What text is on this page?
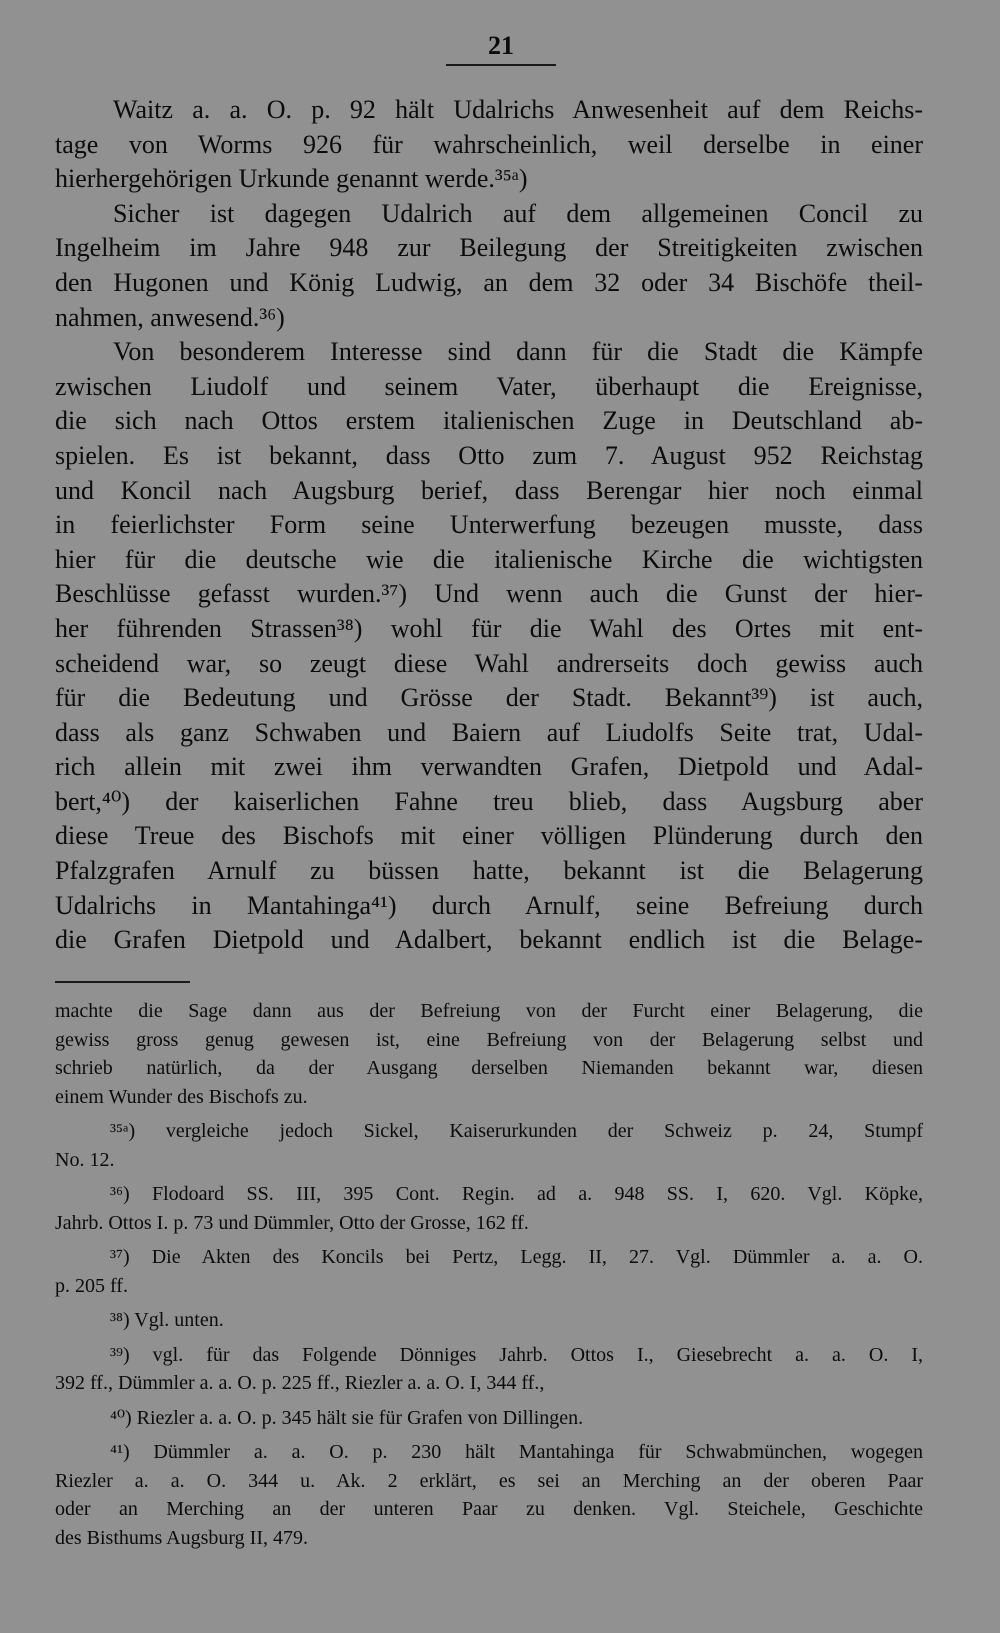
21
Waitz a. a. O. p. 92 hält Udalrichs Anwesenheit auf dem Reichs-
tage von Worms 926 für wahrscheinlich, weil derselbe in einer
hierhergehörigen Urkunde genannt werde.³⁵ᵃ)
Sicher ist dagegen Udalrich auf dem allgemeinen Concil zu
Ingelheim im Jahre 948 zur Beilegung der Streitigkeiten zwischen
den Hugonen und König Ludwig, an dem 32 oder 34 Bischöfe theil-
nahmen, anwesend.³⁶)
Von besonderem Interesse sind dann für die Stadt die Kämpfe
zwischen Liudolf und seinem Vater, überhaupt die Ereignisse,
die sich nach Ottos erstem italienischen Zuge in Deutschland ab-
spielen. Es ist bekannt, dass Otto zum 7. August 952 Reichstag
und Koncil nach Augsburg berief, dass Berengar hier noch einmal
in feierlichster Form seine Unterwerfung bezeugen musste, dass
hier für die deutsche wie die italienische Kirche die wichtigsten
Beschlüsse gefasst wurden.³⁷) Und wenn auch die Gunst der hier-
her führenden Strassen³⁸) wohl für die Wahl des Ortes mit ent-
scheidend war, so zeugt diese Wahl andrerseits doch gewiss auch
für die Bedeutung und Grösse der Stadt. Bekannt³⁹) ist auch,
dass als ganz Schwaben und Baiern auf Liudolfs Seite trat, Udal-
rich allein mit zwei ihm verwandten Grafen, Dietpold und Adal-
bert,⁴⁰) der kaiserlichen Fahne treu blieb, dass Augsburg aber
diese Treue des Bischofs mit einer völligen Plünderung durch den
Pfalzgrafen Arnulf zu büssen hatte, bekannt ist die Belagerung
Udalrichs in Mantahinga⁴¹) durch Arnulf, seine Befreiung durch
die Grafen Dietpold und Adalbert, bekannt endlich ist die Belage-
machte die Sage dann aus der Befreiung von der Furcht einer Belagerung, die
gewiss gross genug gewesen ist, eine Befreiung von der Belagerung selbst und
schrieb natürlich, da der Ausgang derselben Niemanden bekannt war, diesen
einem Wunder des Bischofs zu.
³⁵ᵃ) vergleiche jedoch Sickel, Kaiserurkunden der Schweiz p. 24, Stumpf
No. 12.
³⁶) Flodoard SS. III, 395 Cont. Regin. ad a. 948 SS. I, 620. Vgl. Köpke,
Jahrb. Ottos I. p. 73 und Dümmler, Otto der Grosse, 162 ff.
³⁷) Die Akten des Koncils bei Pertz, Legg. II, 27. Vgl. Dümmler a. a. O.
p. 205 ff.
³⁸) Vgl. unten.
³⁹) vgl. für das Folgende Dönniges Jahrb. Ottos I., Giesebrecht a. a. O. I,
392 ff., Dümmler a. a. O. p. 225 ff., Riezler a. a. O. I, 344 ff.,
⁴⁰) Riezler a. a. O. p. 345 hält sie für Grafen von Dillingen.
⁴¹) Dümmler a. a. O. p. 230 hält Mantahinga für Schwabmünchen, wogegen
Riezler a. a. O. 344 u. Ak. 2 erklärt, es sei an Merching an der oberen Paar
oder an Merching an der unteren Paar zu denken. Vgl. Steichele, Geschichte
des Bisthums Augsburg II, 479.
